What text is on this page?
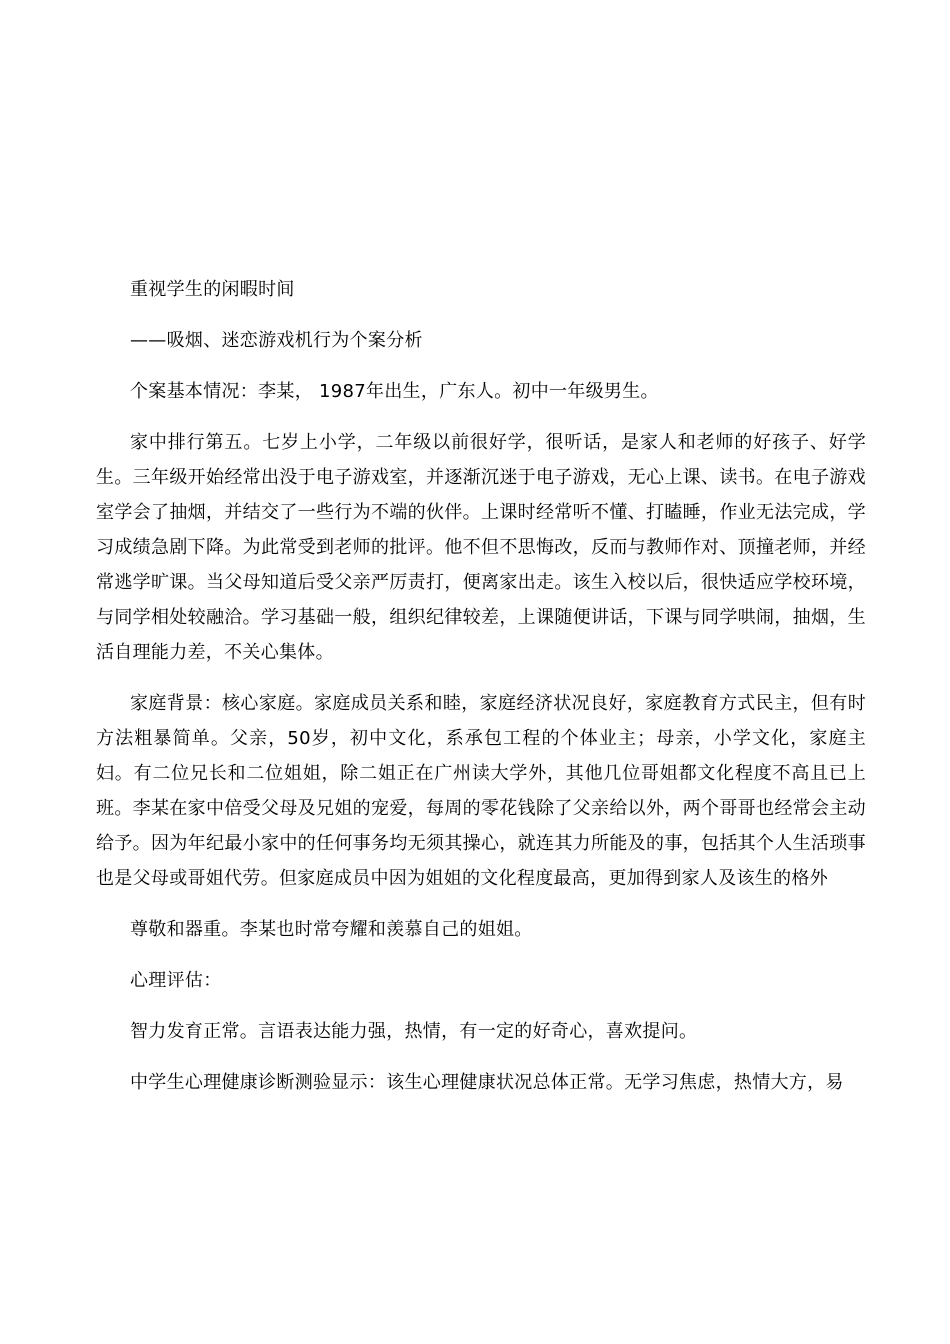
重视学生的闲暇时间

——吸烟、迷恋游戏机行为个案分析

个案基本情况：李某， 1987年出生，广东人。初中一年级男生。

家中排行第五。七岁上小学，二年级以前很好学，很听话，是家人和老师的好孩子、好学生。三年级开始经常出没于电子游戏室，并逐渐沉迷于电子游戏，无心上课、读书。在电子游戏室学会了抽烟，并结交了一些行为不端的伙伴。上课时经常听不懂、打瞌睡，作业无法完成，学习成绩急剧下降。为此常受到老师的批评。他不但不思悔改，反而与教师作对、顶撞老师，并经常逃学旷课。当父母知道后受父亲严厉责打，便离家出走。该生入校以后，很快适应学校环境，与同学相处较融洽。学习基础一般，组织纪律较差，上课随便讲话，下课与同学哄闹，抽烟，生活自理能力差，不关心集体。

家庭背景：核心家庭。家庭成员关系和睦，家庭经济状况良好，家庭教育方式民主，但有时方法粗暴简单。父亲，50岁，初中文化，系承包工程的个体业主；母亲，小学文化，家庭主妇。有二位兄长和二位姐姐，除二姐正在广州读大学外，其他几位哥姐都文化程度不高且已上班。李某在家中倍受父母及兄姐的宠爱，每周的零花钱除了父亲给以外，两个哥哥也经常会主动给予。因为年纪最小家中的任何事务均无须其操心，就连其力所能及的事，包括其个人生活琐事也是父母或哥姐代劳。但家庭成员中因为姐姐的文化程度最高，更加得到家人及该生的格外

尊敬和器重。李某也时常夸耀和羡慕自己的姐姐。

心理评估：

智力发育正常。言语表达能力强，热情，有一定的好奇心，喜欢提问。

中学生心理健康诊断测验显示：该生心理健康状况总体正常。无学习焦虑，热情大方，易
